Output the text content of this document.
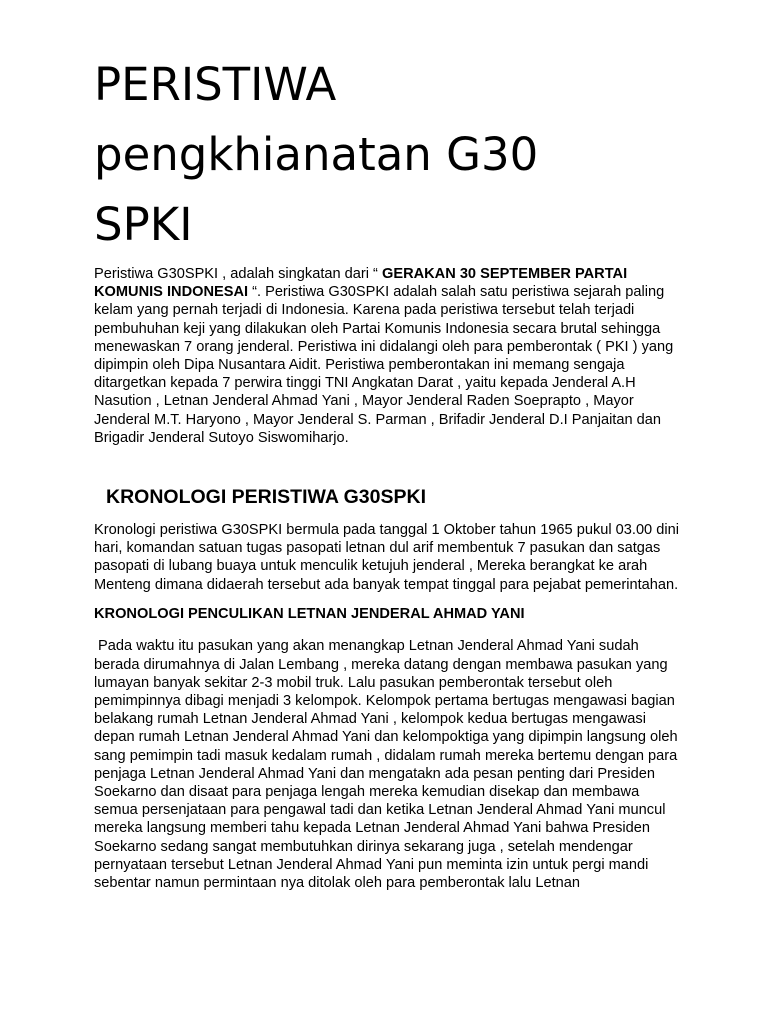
PERISTIWA
pengkhianatan G30
SPKI

Peristiwa G30SPKI , adalah singkatan dari “ GERAKAN 30 SEPTEMBER PARTAI KOMUNIS INDONESAI “. Peristiwa G30SPKI adalah salah satu peristiwa sejarah paling kelam yang pernah terjadi di Indonesia. Karena pada peristiwa tersebut telah terjadi pembuhuhan keji yang dilakukan oleh Partai Komunis Indonesia secara brutal sehingga menewaskan 7 orang jenderal. Peristiwa ini didalangi oleh para pemberontak ( PKI ) yang dipimpin oleh Dipa Nusantara Aidit. Peristiwa pemberontakan ini memang sengaja ditargetkan kepada 7 perwira tinggi TNI Angkatan Darat , yaitu kepada Jenderal A.H Nasution , Letnan Jenderal Ahmad Yani , Mayor Jenderal Raden Soeprapto , Mayor Jenderal M.T. Haryono , Mayor Jenderal S. Parman , Brifadir Jenderal D.I Panjaitan dan Brigadir Jenderal Sutoyo Siswomiharjo.

KRONOLOGI PERISTIWA G30SPKI

Kronologi peristiwa G30SPKI bermula pada tanggal 1 Oktober tahun 1965 pukul 03.00 dini hari, komandan satuan tugas pasopati letnan dul arif membentuk 7 pasukan dan satgas pasopati di lubang buaya untuk menculik ketujuh jenderal , Mereka berangkat ke arah Menteng dimana didaerah tersebut ada banyak tempat tinggal para pejabat pemerintahan.

KRONOLOGI PENCULIKAN LETNAN JENDERAL AHMAD YANI

Pada waktu itu pasukan yang akan menangkap Letnan Jenderal Ahmad Yani sudah berada dirumahnya di Jalan Lembang , mereka datang dengan membawa pasukan yang lumayan banyak sekitar 2-3 mobil truk. Lalu pasukan pemberontak tersebut oleh pemimpinnya dibagi menjadi 3 kelompok. Kelompok pertama bertugas mengawasi bagian belakang rumah Letnan Jenderal Ahmad Yani , kelompok kedua bertugas mengawasi depan rumah Letnan Jenderal Ahmad Yani dan kelompoktiga yang dipimpin langsung oleh sang pemimpin tadi masuk kedalam rumah , didalam rumah mereka bertemu dengan para penjaga Letnan Jenderal Ahmad Yani dan mengatakn ada pesan penting dari Presiden Soekarno dan disaat para penjaga lengah mereka kemudian disekap dan membawa semua persenjataan para pengawal tadi dan ketika Letnan Jenderal Ahmad Yani muncul mereka langsung memberi tahu kepada Letnan Jenderal Ahmad Yani bahwa Presiden Soekarno sedang sangat membutuhkan dirinya sekarang juga , setelah mendengar pernyataan tersebut Letnan Jenderal Ahmad Yani pun meminta izin untuk pergi mandi sebentar namun permintaan nya ditolak oleh para pemberontak lalu Letnan
